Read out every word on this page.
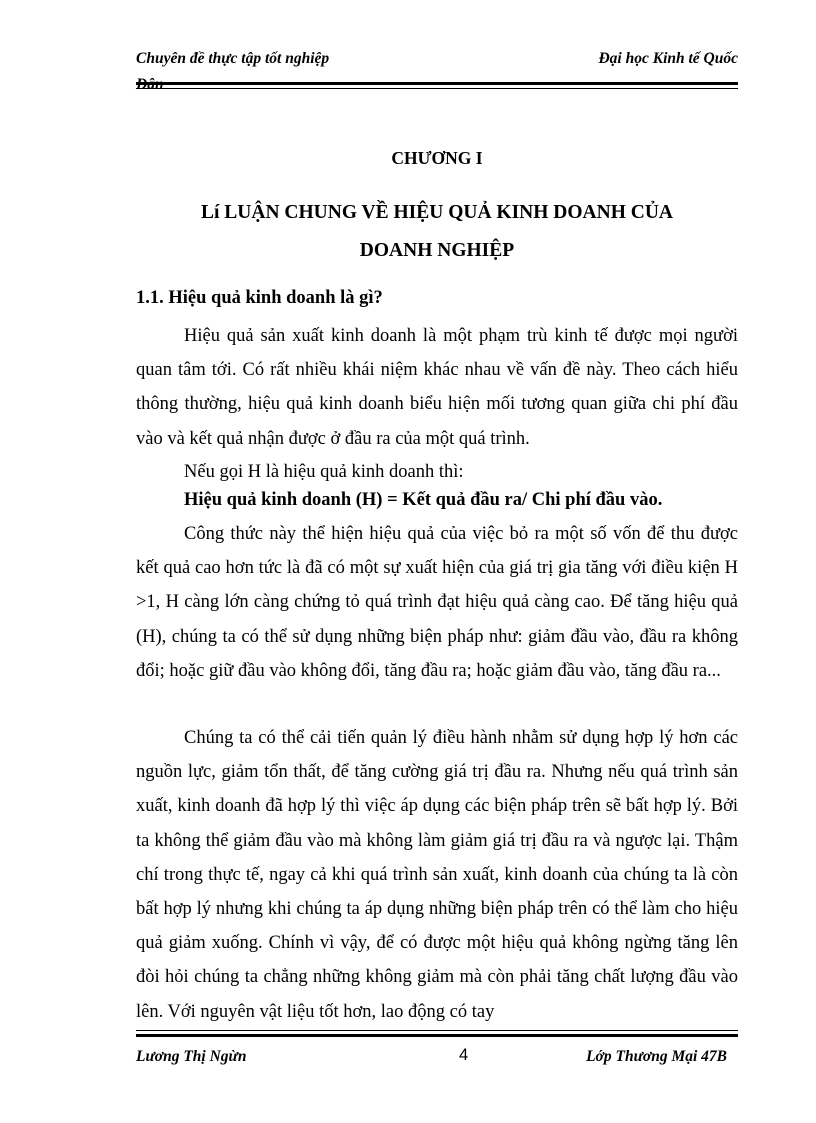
Chuyên đề thực tập tốt nghiệp	Đại học Kinh tế Quốc
CHƯƠNG I
Lí LUẬN CHUNG VỀ HIỆU QUẢ KINH DOANH CỦA
DOANH NGHIỆP
1.1. Hiệu quả kinh doanh là gì?

Hiệu quả sản xuất kinh doanh là một phạm trù kinh tế được mọi người quan tâm tới. Có rất nhiều khái niệm khác nhau về vấn đề này. Theo cách hiểu thông thường, hiệu quả kinh doanh biểu hiện mối tương quan giữa chi phí đầu vào và kết quả nhận được ở đầu ra của một quá trình.

Nếu gọi H là hiệu quả kinh doanh thì:

Hiệu quả kinh doanh (H) = Kết quả đầu ra/ Chi phí đầu vào.

Công thức này thể hiện hiệu quả của việc bỏ ra một số vốn để thu được kết quả cao hơn tức là đã có một sự xuất hiện của giá trị gia tăng với điều kiện H >1, H càng lớn càng chứng tỏ quá trình đạt hiệu quả càng cao. Để tăng hiệu quả (H), chúng ta có thể sử dụng những biện pháp như: giảm đầu vào, đầu ra không đổi; hoặc giữ đầu vào không đổi, tăng đầu ra; hoặc giảm đầu vào, tăng đầu ra...

Chúng ta có thể cải tiến quản lý điều hành nhằm sử dụng hợp lý hơn các nguồn lực, giảm tổn thất, để tăng cường giá trị đầu ra. Nhưng nếu quá trình sản xuất, kinh doanh đã hợp lý thì việc áp dụng các biện pháp trên sẽ bất hợp lý. Bởi ta không thể giảm đầu vào mà không làm giảm giá trị đầu ra và ngược lại. Thậm chí trong thực tế, ngay cả khi quá trình sản xuất, kinh doanh của chúng ta là còn bất hợp lý nhưng khi chúng ta áp dụng những biện pháp trên có thể làm cho hiệu quả giảm xuống. Chính vì vậy, để có được một hiệu quả không ngừng tăng lên đòi hỏi chúng ta chẳng những không giảm mà còn phải tăng chất lượng đầu vào lên. Với nguyên vật liệu tốt hơn, lao động có tay

Lương Thị Ngừn	4	Lớp Thương Mại 47B
